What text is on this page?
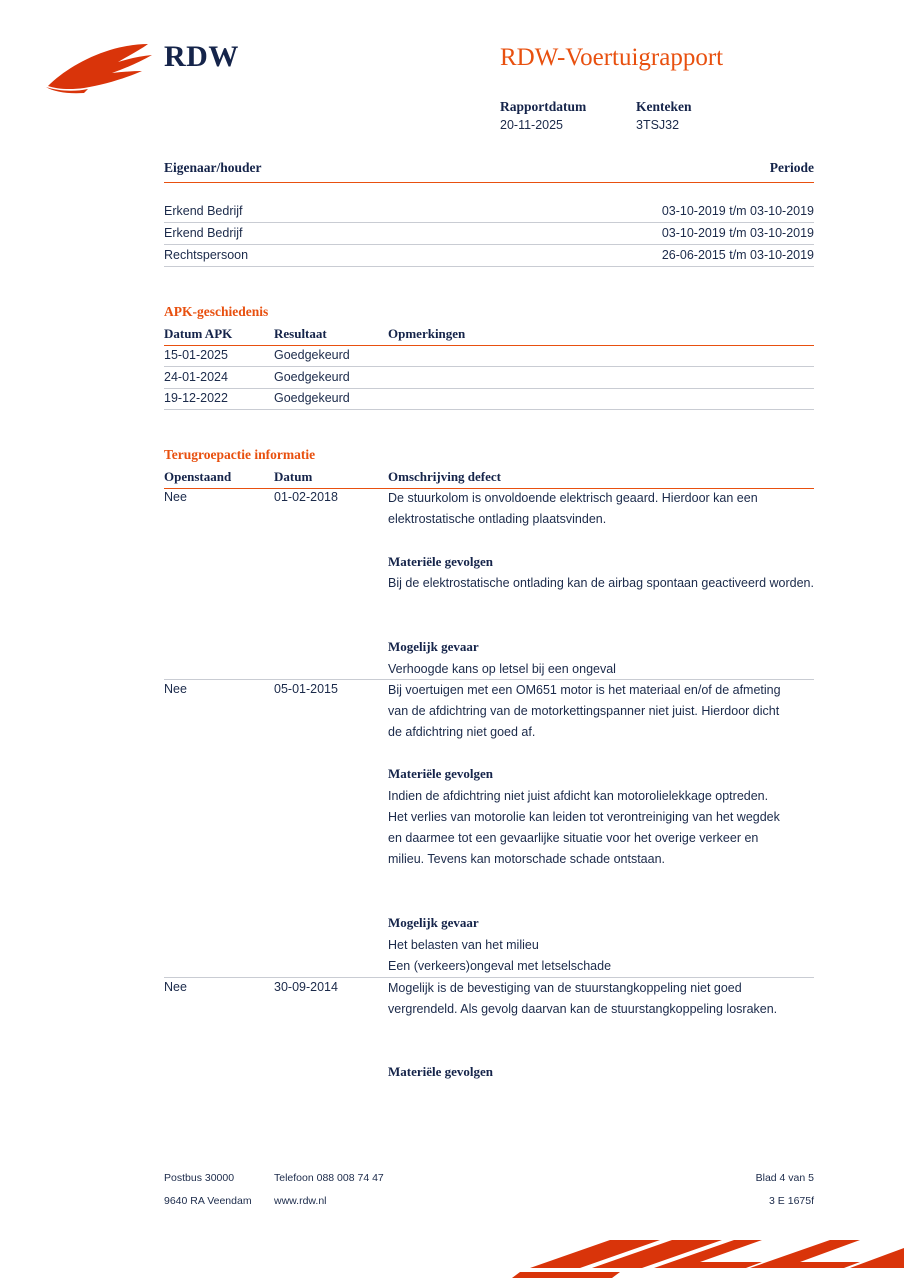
RDW	RDW-Voertuigrapport
Rapportdatum
20-11-2025
Kenteken
3TSJ32
Eigenaar/houder	Periode
Erkend Bedrijf	03-10-2019 t/m 03-10-2019
Erkend Bedrijf	03-10-2019 t/m 03-10-2019
Rechtspersoon	26-06-2015 t/m 03-10-2019
APK-geschiedenis
Datum APK	Resultaat	Opmerkingen
15-01-2025	Goedgekeurd
24-01-2024	Goedgekeurd
19-12-2022	Goedgekeurd
Terugroepactie informatie
Openstaand	Datum	Omschrijving defect
Nee	01-02-2018	De stuurkolom is onvoldoende elektrisch geaard. Hierdoor kan een elektrostatische ontlading plaatsvinden.
Materiële gevolgen
Bij de elektrostatische ontlading kan de airbag spontaan geactiveerd worden.
Mogelijk gevaar
Verhoogde kans op letsel bij een ongeval
Nee	05-01-2015	Bij voertuigen met een OM651 motor is het materiaal en/of de afmeting van de afdichtring van de motorkettingspanner niet juist. Hierdoor dicht de afdichtring niet goed af.
Materiële gevolgen
Indien de afdichtring niet juist afdicht kan motorolielekkage optreden. Het verlies van motorolie kan leiden tot verontreiniging van het wegdek en daarmee tot een gevaarlijke situatie voor het overige verkeer en milieu. Tevens kan motorschade schade ontstaan.
Mogelijk gevaar
Het belasten van het milieu
Een (verkeers)ongeval met letselschade
Nee	30-09-2014	Mogelijk is de bevestiging van de stuurstangkoppeling niet goed vergrendeld. Als gevolg daarvan kan de stuurstangkoppeling losraken.
Materiële gevolgen
Postbus 30000	Telefoon 088 008 74 47	Blad 4 van 5
9640 RA Veendam www.rdw.nl	3 E 1675f
